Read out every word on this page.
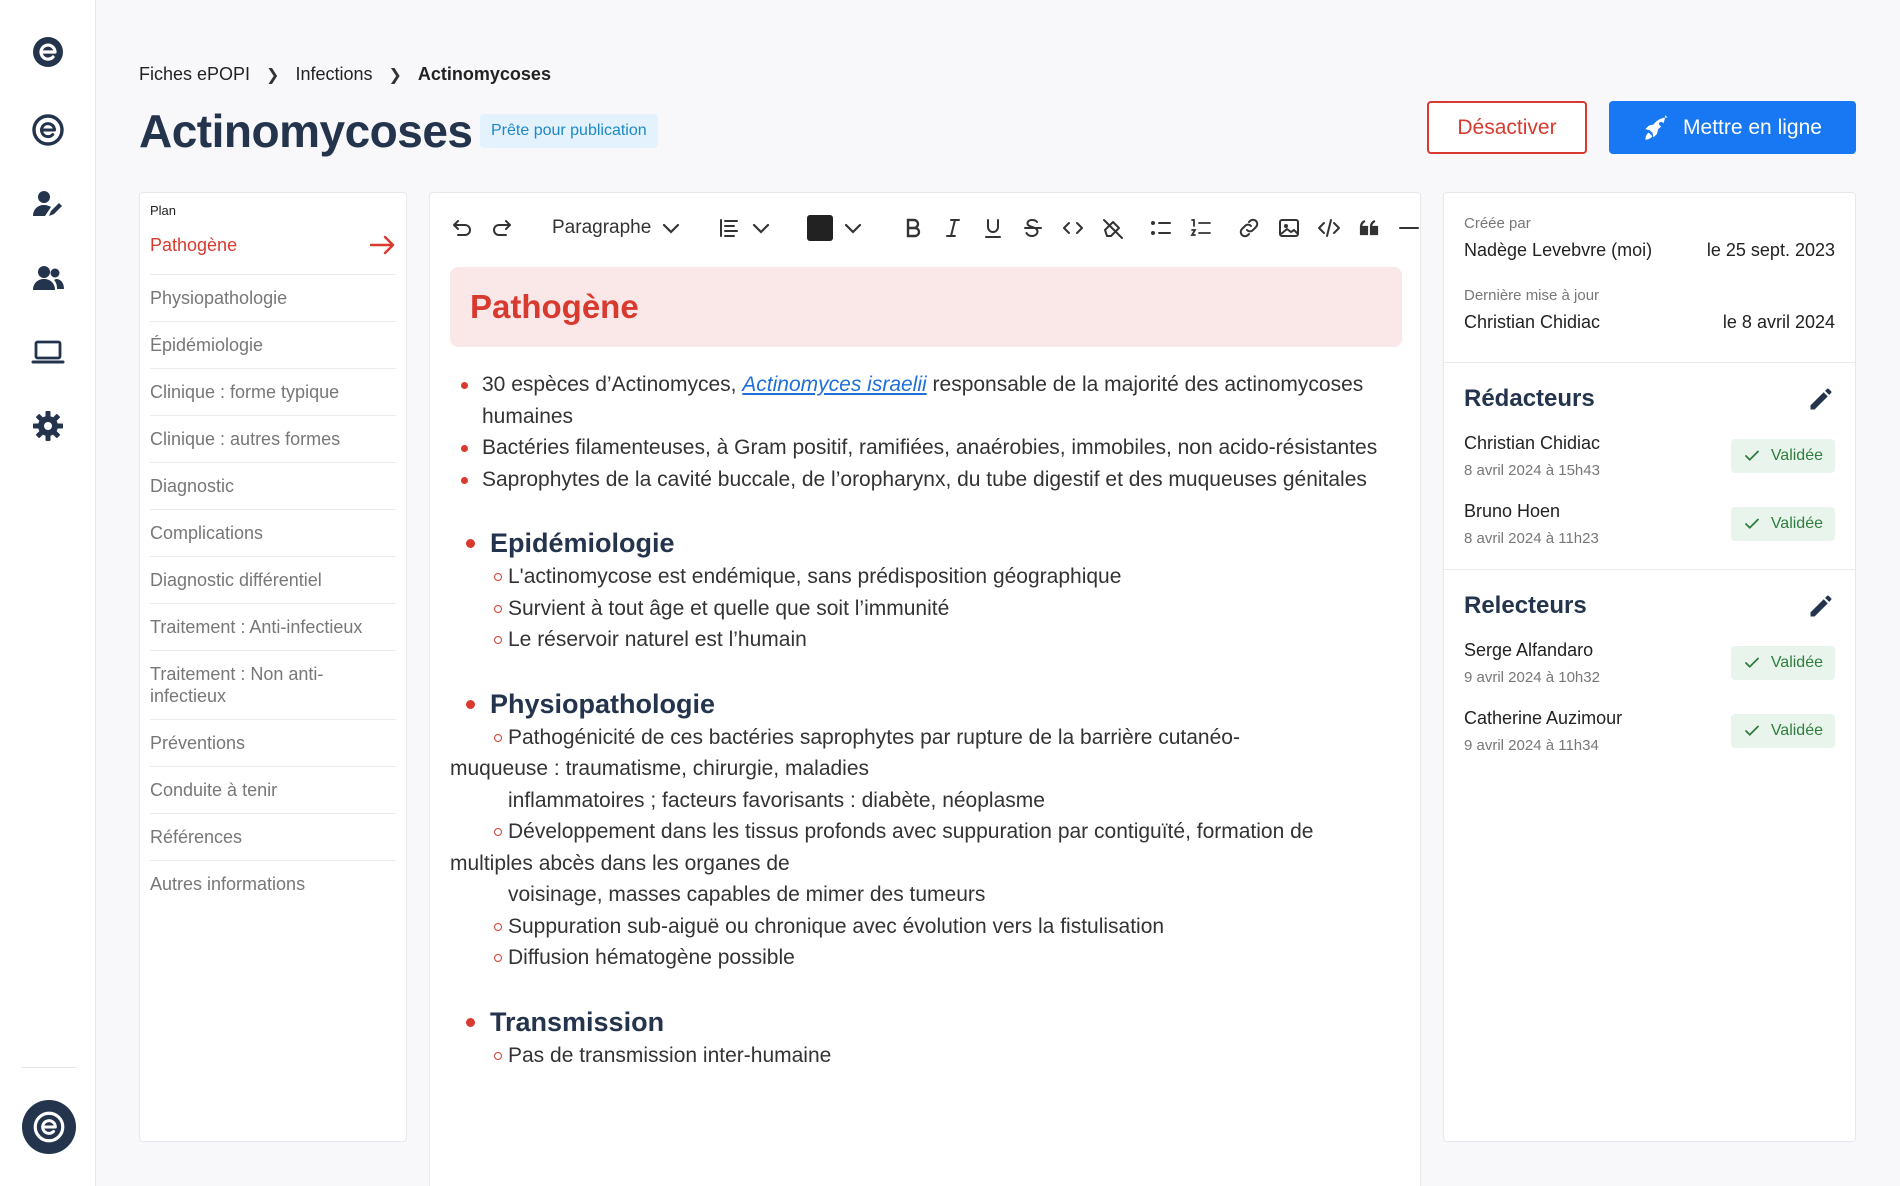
Fiches ePOPI ❯ Infections ❯ Actinomycoses
Actinomycoses	Prête pour publication	Désactiver	Mettre en ligne
Plan
Pathogène
Physiopathologie
Épidémiologie
Clinique : forme typique
Clinique : autres formes
Diagnostic
Complications
Diagnostic différentiel
Traitement : Anti-infectieux
Traitement : Non anti-infectieux
Préventions
Conduite à tenir
Références
Autres informations
Paragraphe
Pathogène
30 espèces d’Actinomyces, Actinomyces israelii responsable de la majorité des actinomycoses humaines
Bactéries filamenteuses, à Gram positif, ramifiées, anaérobies, immobiles, non acido-résistantes
Saprophytes de la cavité buccale, de l’oropharynx, du tube digestif et des muqueuses génitales
Epidémiologie
L'actinomycose est endémique, sans prédisposition géographique
Survient à tout âge et quelle que soit l’immunité
Le réservoir naturel est l’humain
Physiopathologie
Pathogénicité de ces bactéries saprophytes par rupture de la barrière cutanéo-
muqueuse : traumatisme, chirurgie, maladies
inflammatoires ; facteurs favorisants : diabète, néoplasme
Développement dans les tissus profonds avec suppuration par contiguïté, formation de
multiples abcès dans les organes de
voisinage, masses capables de mimer des tumeurs
Suppuration sub-aiguë ou chronique avec évolution vers la fistulisation
Diffusion hématogène possible
Transmission
Pas de transmission inter-humaine
Créée par
Nadège Levebvre (moi)	le 25 sept. 2023
Dernière mise à jour
Christian Chidiac	le 8 avril 2024
Rédacteurs
Christian Chidiac
8 avril 2024 à 15h43
Validée
Bruno Hoen
8 avril 2024 à 11h23
Validée
Relecteurs
Serge Alfandaro
9 avril 2024 à 10h32
Validée
Catherine Auzimour
9 avril 2024 à 11h34
Validée
